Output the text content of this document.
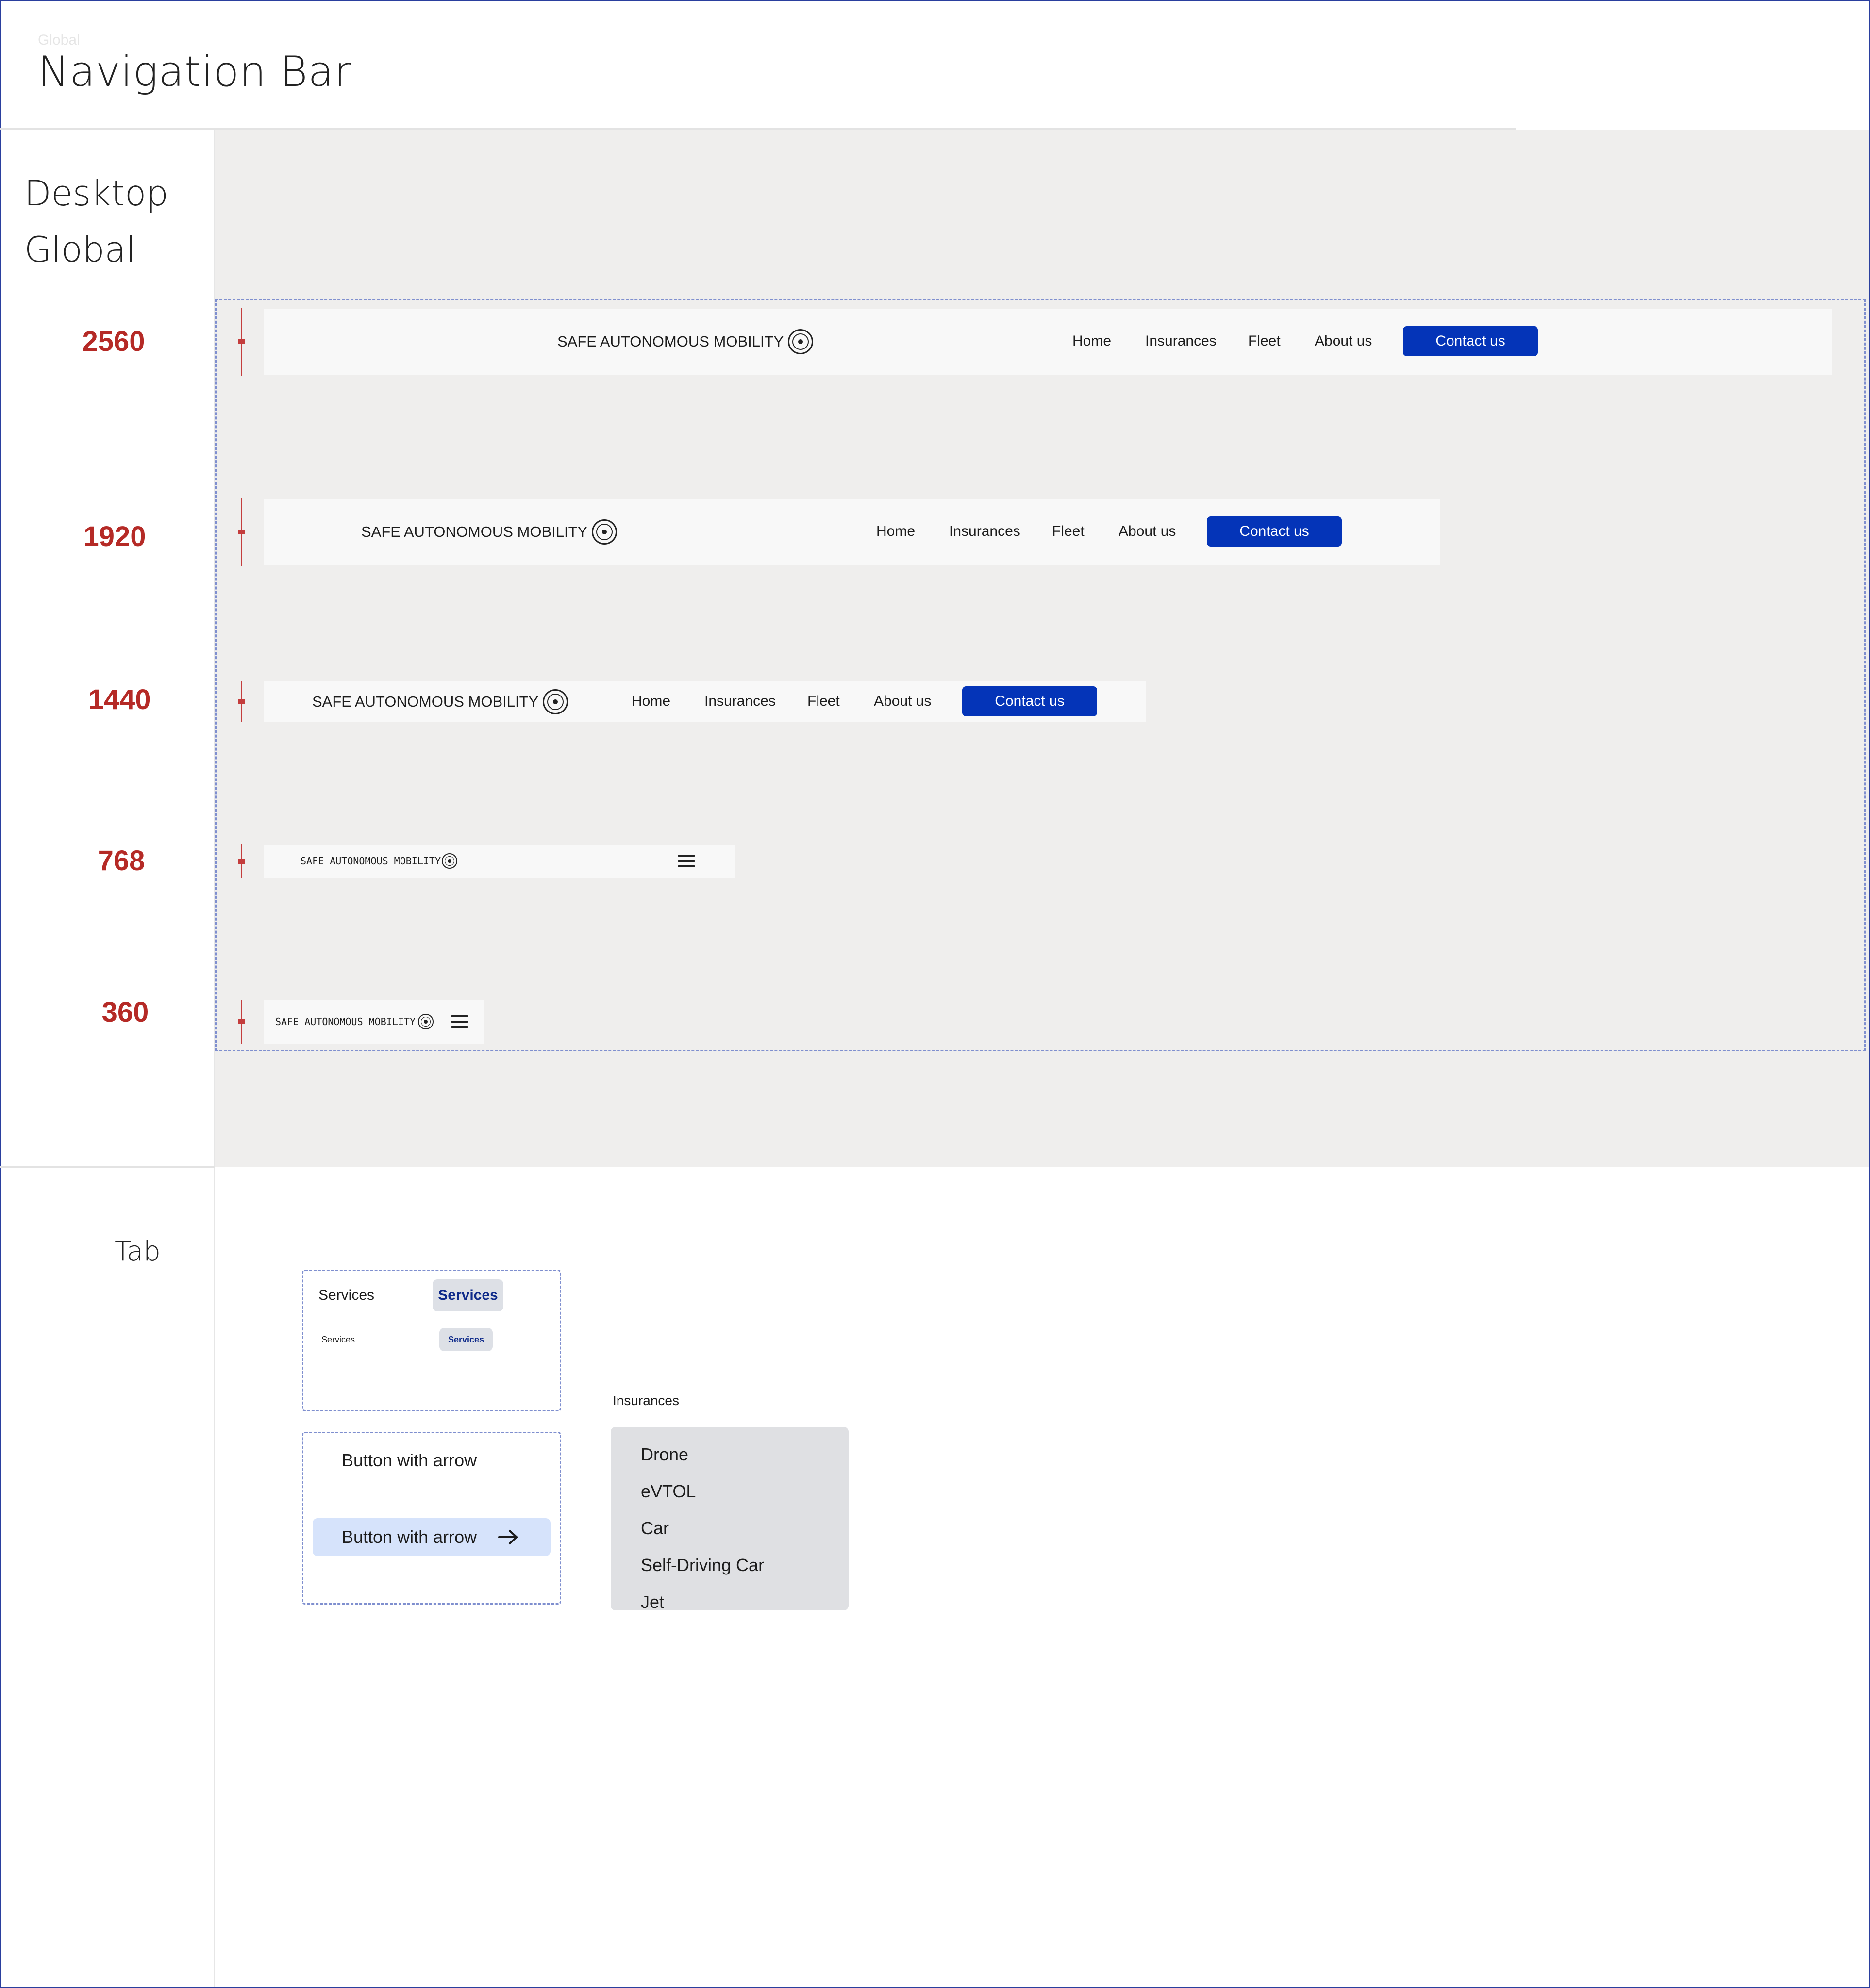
Global
Navigation Bar
Desktop
Global
2560
1920
1440
768
360
SAFE AUTONOMOUS MOBILITY	Home Insurances Fleet About us	Contact us
SAFE AUTONOMOUS MOBILITY	Home Insurances Fleet About us	Contact us
SAFE AUTONOMOUS MOBILITY	Home Insurances Fleet About us	Contact us
SAFE AUTONOMOUS MOBILITY
SAFE AUTONOMOUS MOBILITY
Tab
Services	Services
Services	Services
Button with arrow
Button with arrow
Insurances
Drone
eVTOL
Car
Self-Driving Car
Jet
